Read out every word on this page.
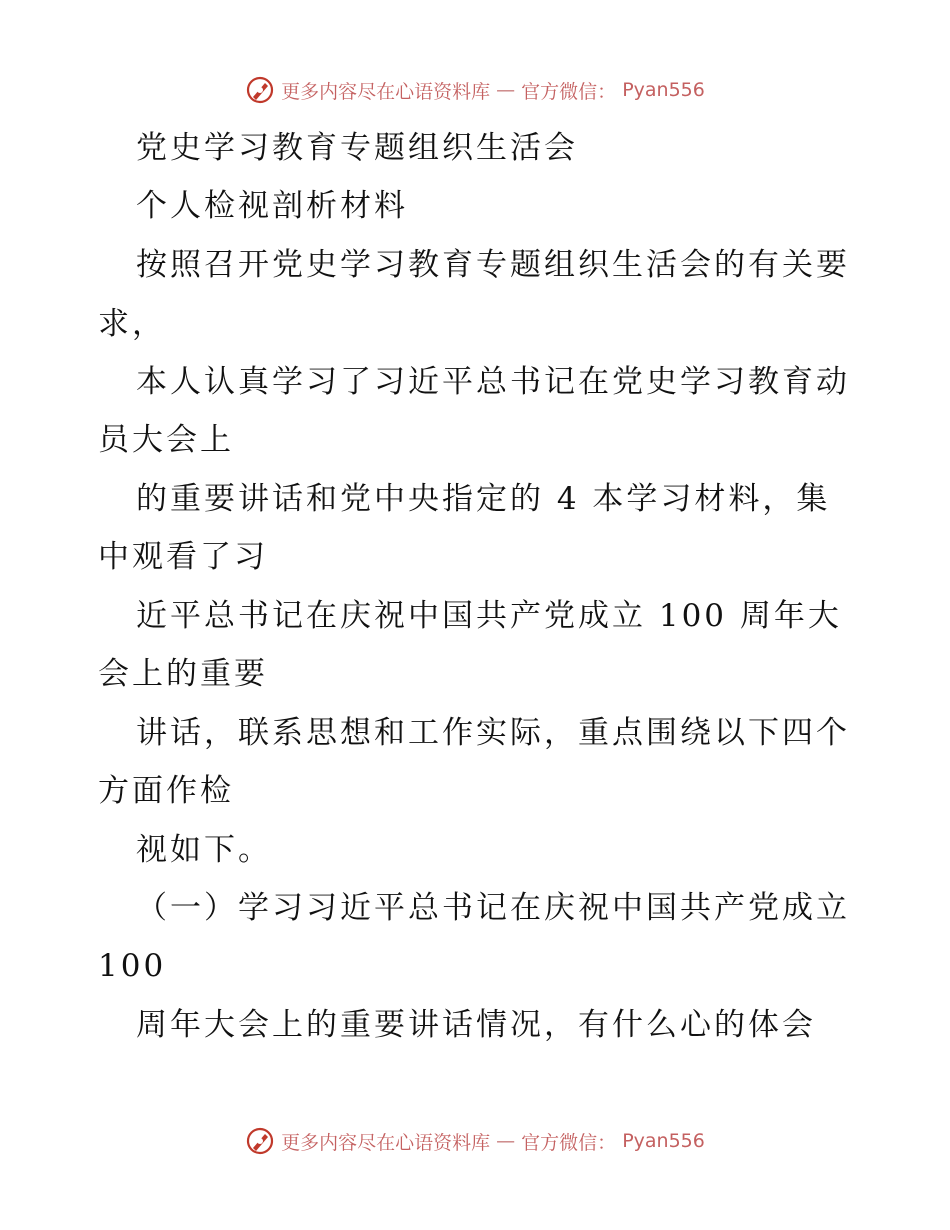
更多内容尽在心语资料库 — 官方微信： Pyan556
党史学习教育专题组织生活会
个人检视剖析材料
按照召开党史学习教育专题组织生活会的有关要
求，
本人认真学习了习近平总书记在党史学习教育动
员大会上
的重要讲话和党中央指定的 4 本学习材料，集
中观看了习
近平总书记在庆祝中国共产党成立 100 周年大
会上的重要
讲话，联系思想和工作实际，重点围绕以下四个
方面作检
视如下。
（一）学习习近平总书记在庆祝中国共产党成立
100
周年大会上的重要讲话情况，有什么心的体会
更多内容尽在心语资料库 — 官方微信： Pyan556
